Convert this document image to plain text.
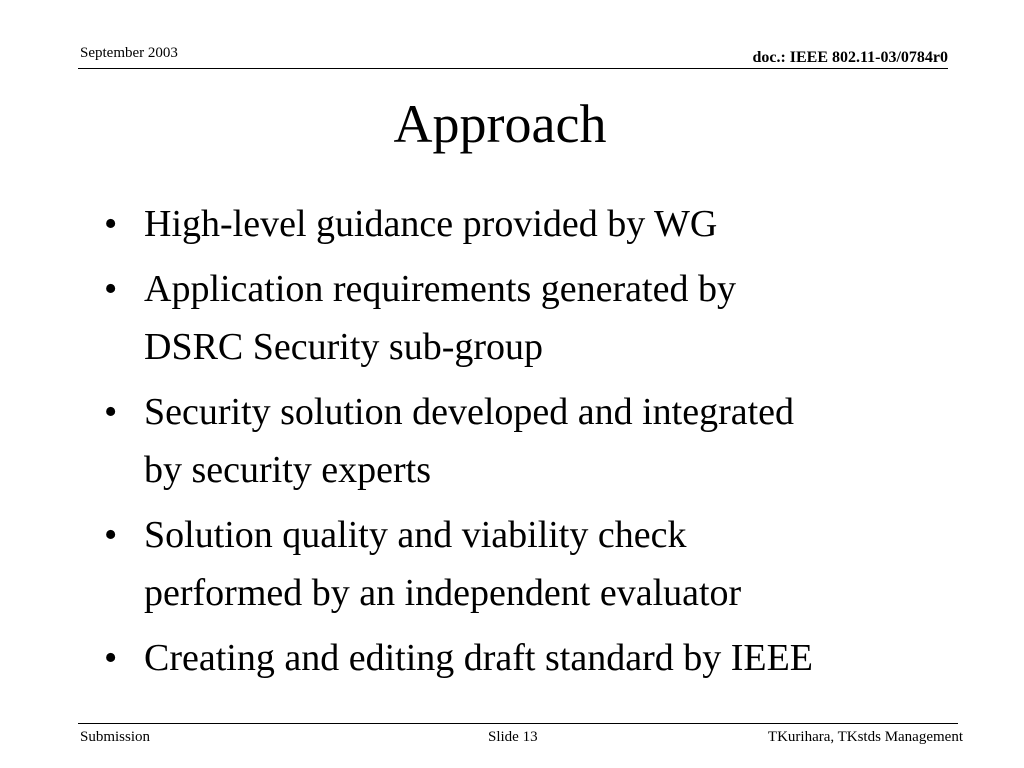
September 2003	doc.: IEEE 802.11-03/0784r0
Approach
• High-level guidance provided by WG
• Application requirements generated by
DSRC Security sub-group
• Security solution developed and integrated
by security experts
• Solution quality and viability check
performed by an independent evaluator
• Creating and editing draft standard by IEEE
Submission	Slide 13	TKurihara, TKstds Management
